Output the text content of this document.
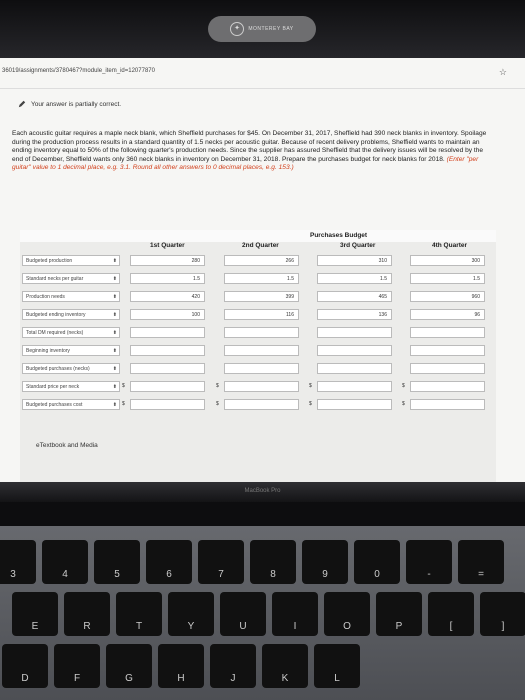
✦	MONTEREY BAY
36019/assignments/3780467?module_item_id=12077870	☆
Your answer is partially correct.
Each acoustic guitar requires a maple neck blank, which Sheffield purchases for $45. On December 31, 2017, Sheffield had 390 neck blanks in inventory. Spoilage during the production process results in a standard quantity of 1.5 necks per acoustic guitar. Because of recent delivery problems, Sheffield wants to maintain an ending inventory equal to 50% of the following quarter's production needs. Since the supplier has assured Sheffield that the delivery issues will be resolved by the end of December, Sheffield wants only 360 neck blanks in inventory on December 31, 2018. Prepare the purchases budget for neck blanks for 2018. (Enter "per guitar" value to 1 decimal place, e.g. 3.1. Round all other answers to 0 decimal places, e.g. 153.)
Purchases Budget
1st Quarter	2nd Quarter	3rd Quarter	4th Quarter
Budgeted production	⬍	280	266	310	300
Standard necks per guitar	⬍	1.5	1.5	1.5	1.5
Production needs	⬍	420	399	465	960
Budgeted ending inventory	⬍	100	116	136	96
Total DM required (necks)	⬍
Beginning inventory	⬍
Budgeted purchases (necks)	⬍
Standard price per neck	⬍ $	$	$	$
Budgeted purchases cost	⬍ $	$	$	$
eTextbook and Media
MacBook Pro
3	4	5	6	7	8	9	0	-	=
E	R	T	Y	U	I	O	P	[	]
D	F	G	H	J	K	L
